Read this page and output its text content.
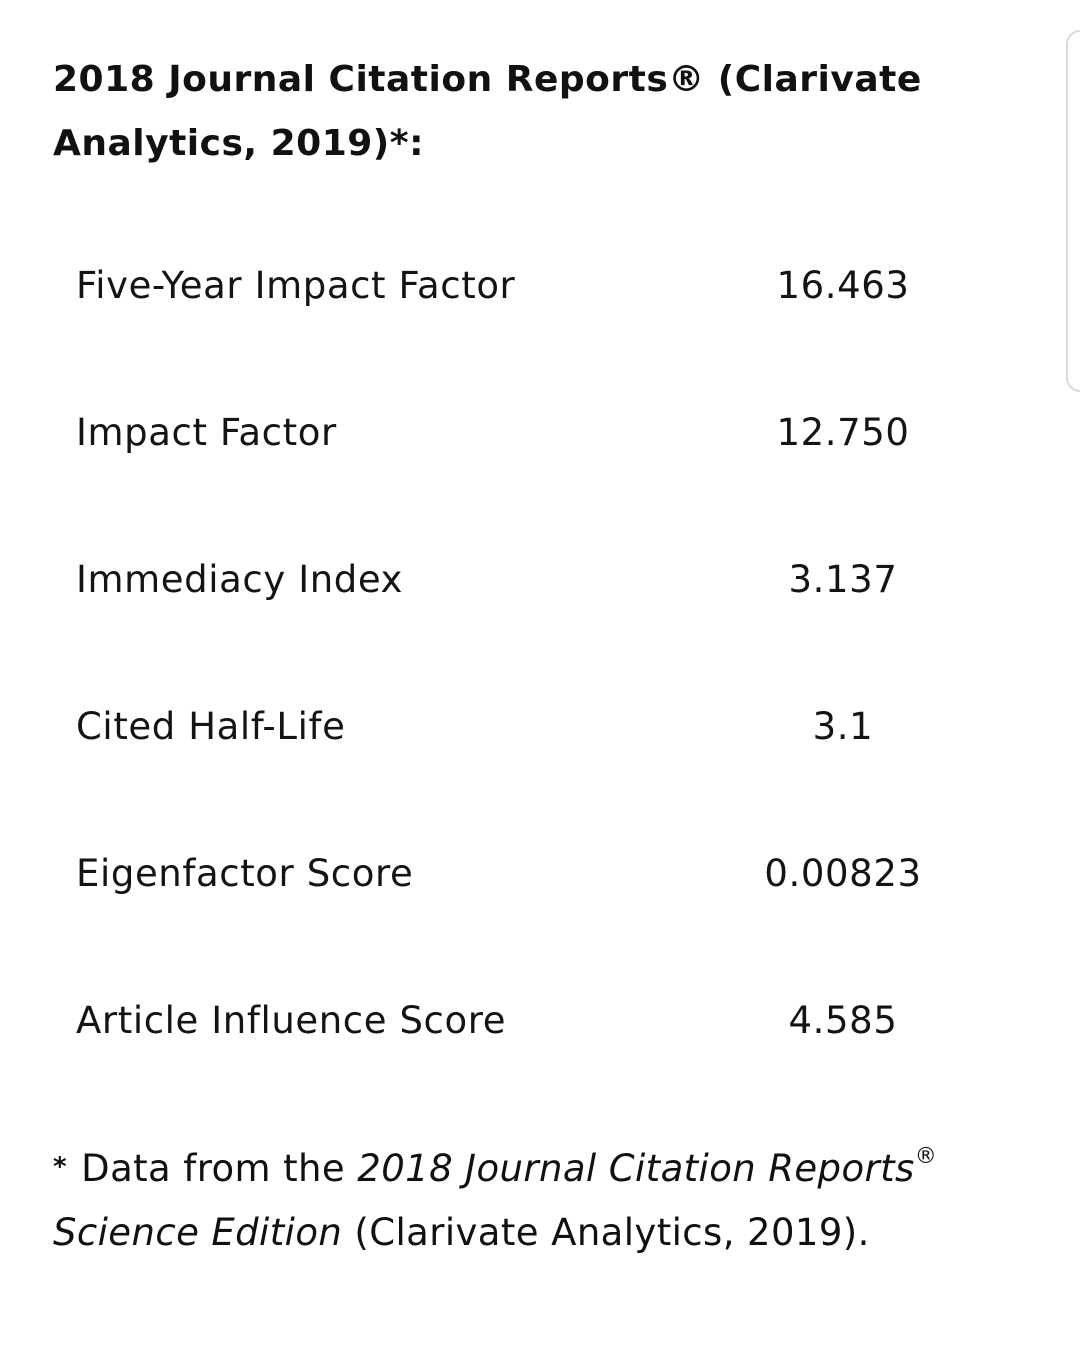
2018 Journal Citation Reports® (Clarivate Analytics, 2019)*:
Five-Year Impact Factor	16.463
Impact Factor	12.750
Immediacy Index	3.137
Cited Half-Life	3.1
Eigenfactor Score	0.00823
Article Influence Score	4.585

* Data from the 2018 Journal Citation Reports® Science Edition (Clarivate Analytics, 2019).
